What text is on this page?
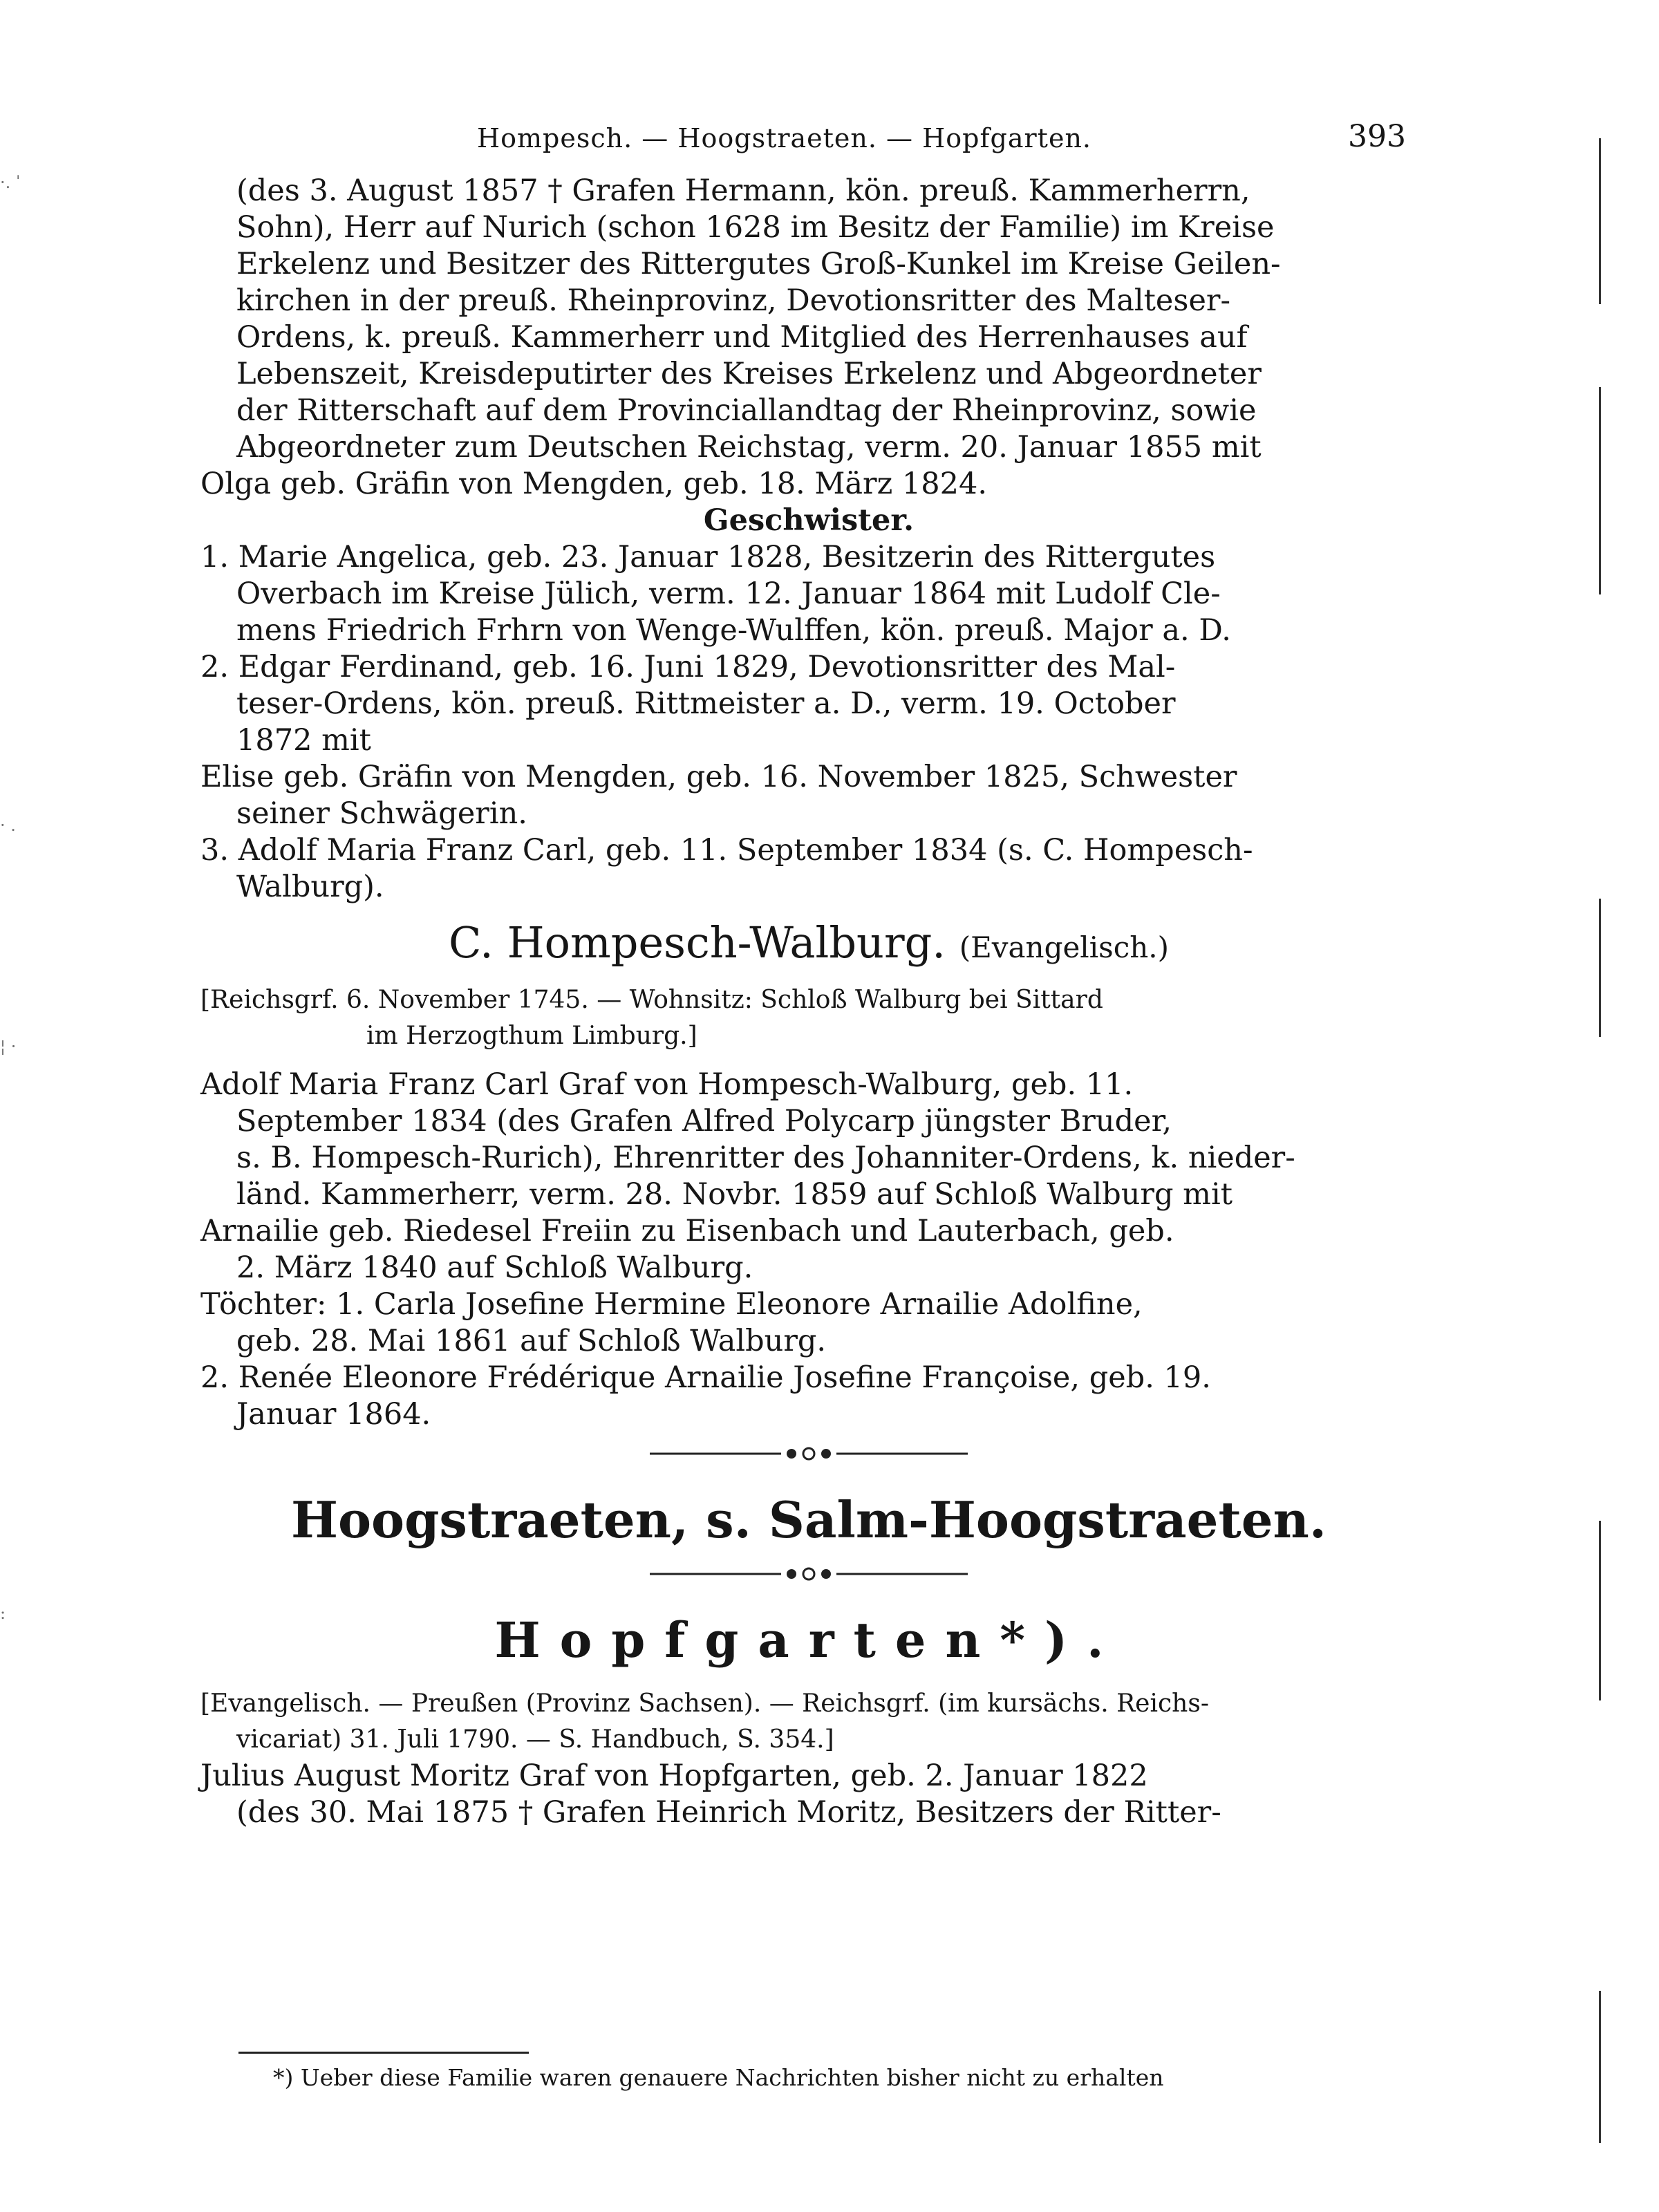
·. ˈ
· .
¦ ·
:
Hompesch. — Hoogstraeten. — Hopfgarten.	393
(des 3. August 1857 † Grafen Hermann, kön. preuß. Kammerherrn,
Sohn), Herr auf Nurich (schon 1628 im Besitz der Familie) im Kreise
Erkelenz und Besitzer des Rittergutes Groß-Kunkel im Kreise Geilen-
kirchen in der preuß. Rheinprovinz, Devotionsritter des Malteser-
Ordens, k. preuß. Kammerherr und Mitglied des Herrenhauses auf
Lebenszeit, Kreisdeputirter des Kreises Erkelenz und Abgeordneter
der Ritterschaft auf dem Provinciallandtag der Rheinprovinz, sowie
Abgeordneter zum Deutschen Reichstag, verm. 20. Januar 1855 mit
Olga geb. Gräfin von Mengden, geb. 18. März 1824.
Geschwister.
1. Marie Angelica, geb. 23. Januar 1828, Besitzerin des Rittergutes
Overbach im Kreise Jülich, verm. 12. Januar 1864 mit Ludolf Cle-
mens Friedrich Frhrn von Wenge-Wulffen, kön. preuß. Major a. D.
2. Edgar Ferdinand, geb. 16. Juni 1829, Devotionsritter des Mal-
teser-Ordens, kön. preuß. Rittmeister a. D., verm. 19. October
1872 mit
Elise geb. Gräfin von Mengden, geb. 16. November 1825, Schwester
seiner Schwägerin.
3. Adolf Maria Franz Carl, geb. 11. September 1834 (s. C. Hompesch-
Walburg).
C. Hompesch-Walburg. (Evangelisch.)
[Reichsgrf. 6. November 1745. — Wohnsitz: Schloß Walburg bei Sittard
im Herzogthum Limburg.]
Adolf Maria Franz Carl Graf von Hompesch-Walburg, geb. 11.
September 1834 (des Grafen Alfred Polycarp jüngster Bruder,
s. B. Hompesch-Rurich), Ehrenritter des Johanniter-Ordens, k. nieder-
länd. Kammerherr, verm. 28. Novbr. 1859 auf Schloß Walburg mit
Arnailie geb. Riedesel Freiin zu Eisenbach und Lauterbach, geb.
2. März 1840 auf Schloß Walburg.
Töchter: 1. Carla Josefine Hermine Eleonore Arnailie Adolfine,
geb. 28. Mai 1861 auf Schloß Walburg.
2. Renée Eleonore Frédérique Arnailie Josefine Françoise, geb. 19.
Januar 1864.
Hoogstraeten, s. Salm-Hoogstraeten.
Hopfgarten*).
[Evangelisch. — Preußen (Provinz Sachsen). — Reichsgrf. (im kursächs. Reichs-
vicariat) 31. Juli 1790. — S. Handbuch, S. 354.]
Julius August Moritz Graf von Hopfgarten, geb. 2. Januar 1822
(des 30. Mai 1875 † Grafen Heinrich Moritz, Besitzers der Ritter-
*) Ueber diese Familie waren genauere Nachrichten bisher nicht zu erhalten
